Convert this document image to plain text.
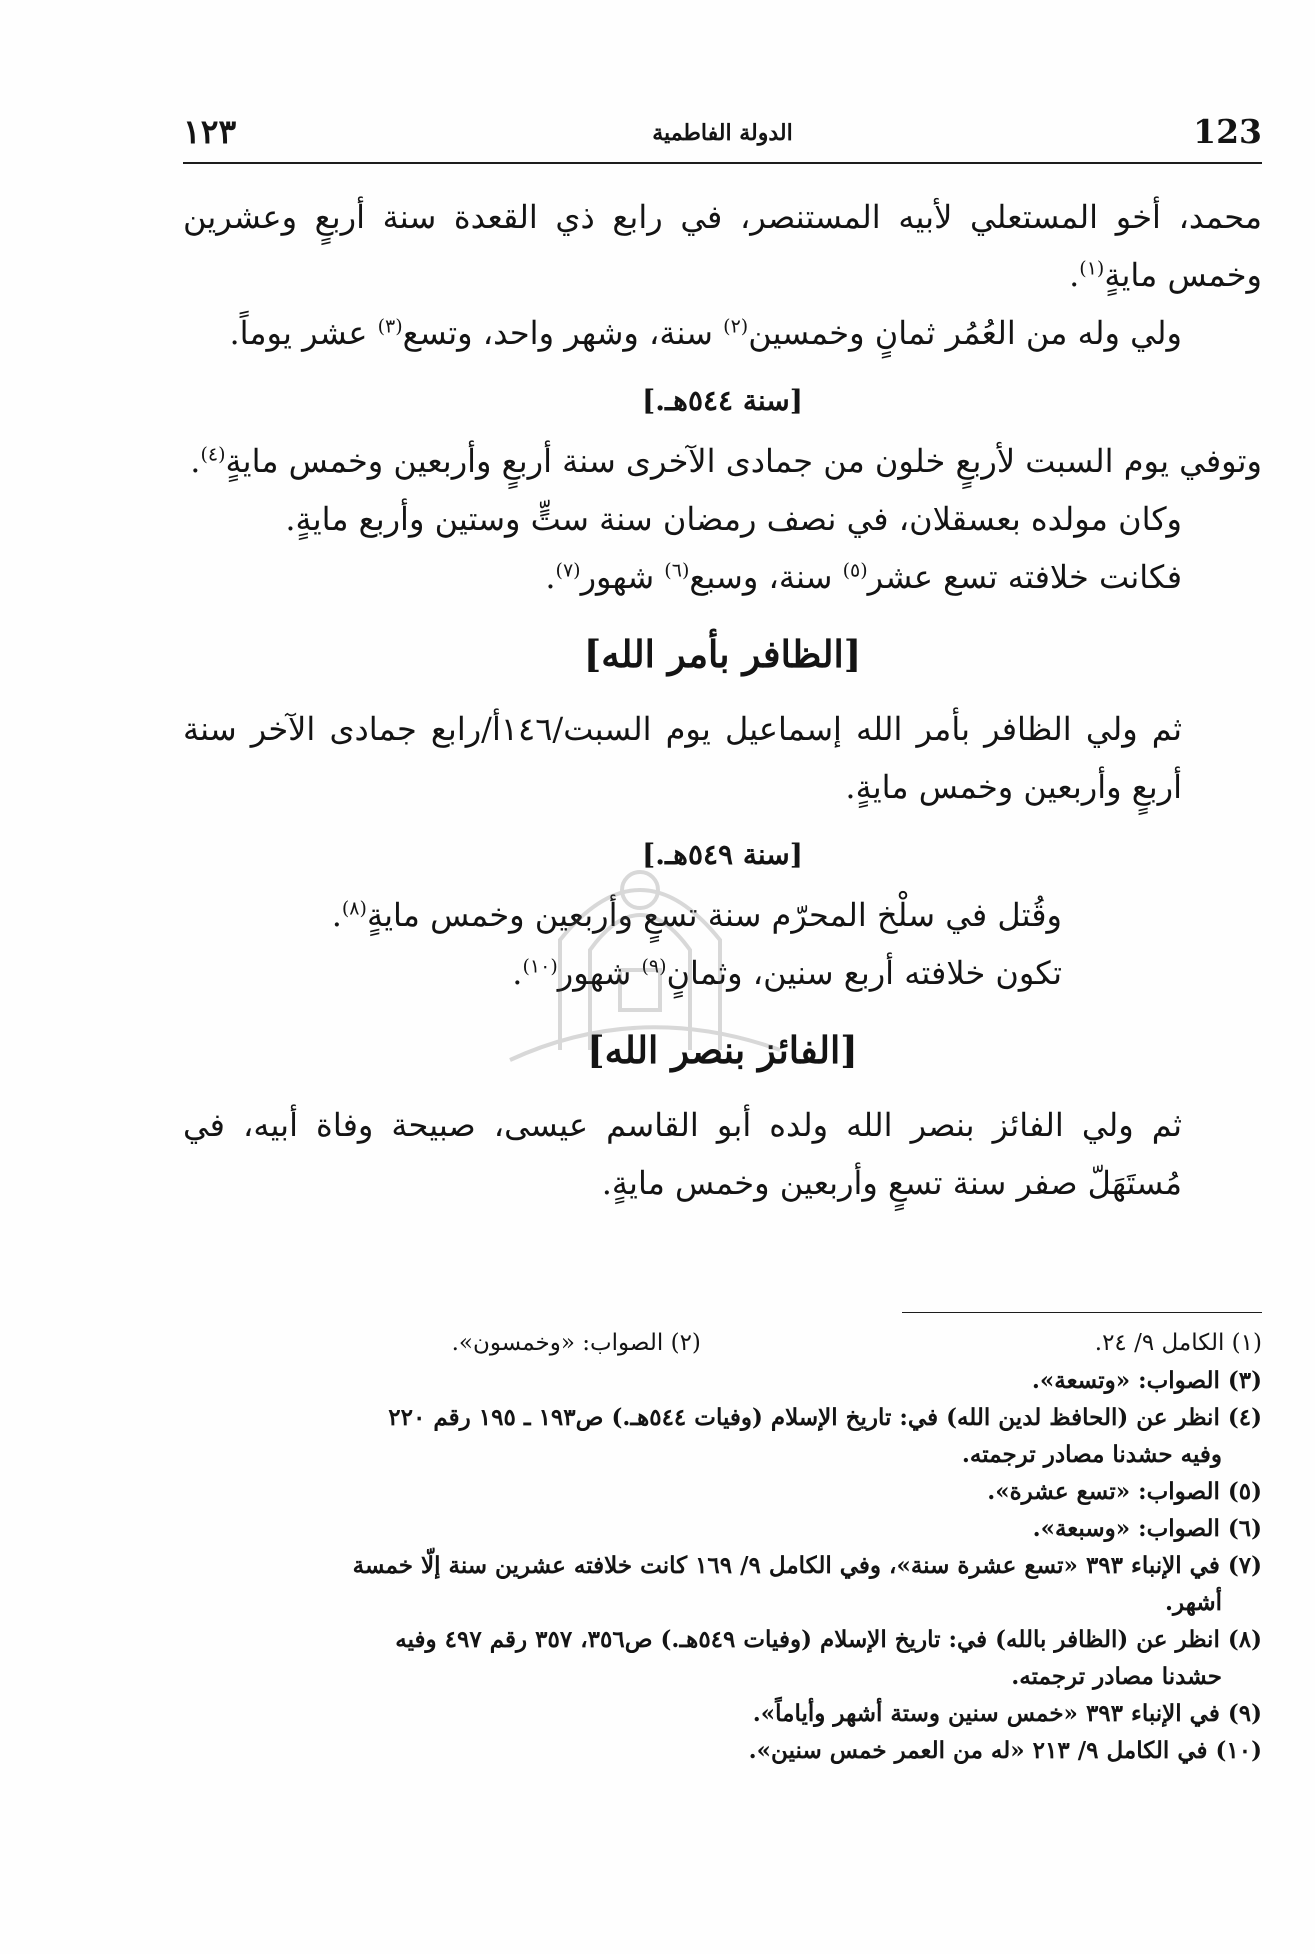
123
الدولة الفاطمية
١٢٣

محمد، أخو المستعلي لأبيه المستنصر، في رابع ذي القعدة سنة أربعٍ وعشرين وخمس مايةٍ$^{(١)}$.

ولي وله من العُمُر ثمانٍ وخمسين$^{(٢)}$ سنة، وشهر واحد، وتسع$^{(٣)}$ عشر يوماً.

[سنة ٥٤٤هـ.]

وتوفي يوم السبت لأربعٍ خلون من جمادى الآخرى سنة أربعٍ وأربعين وخمس مايةٍ$^{(٤)}$.

وكان مولده بعسقلان، في نصف رمضان سنة ستٍّ وستين وأربع مايةٍ.

فكانت خلافته تسع عشر$^{(٥)}$ سنة، وسبع$^{(٦)}$ شهور$^{(٧)}$.

[الظافر بأمر الله]

ثم ولي الظافر بأمر الله إسماعيل يوم السبت/١٤٦أ/رابع جمادى الآخر سنة أربعٍ وأربعين وخمس مايةٍ.

[سنة ٥٤٩هـ.]

وقُتل في سلْخ المحرّم سنة تسعٍ وأربعين وخمس مايةٍ$^{(٨)}$.

تكون خلافته أربع سنين، وثمانٍ$^{(٩)}$ شهور$^{(١٠)}$.

[الفائز بنصر الله]

ثم ولي الفائز بنصر الله ولده أبو القاسم عيسى، صبيحة وفاة أبيه، في مُستَهَلّ صفر سنة تسعٍ وأربعين وخمس مايةٍ.

(١) الكامل ٩/ ٢٤.
(٢) الصواب: «وخمسون».

(٣) الصواب: «وتسعة».

(٤) انظر عن (الحافظ لدين الله) في: تاريخ الإسلام (وفيات ٥٤٤هـ.) ص١٩٣ ـ ١٩٥ رقم ٢٢٠

وفيه حشدنا مصادر ترجمته.

(٥) الصواب: «تسع عشرة».

(٦) الصواب: «وسبعة».

(٧) في الإنباء ٣٩٣ «تسع عشرة سنة»، وفي الكامل ٩/ ١٦٩ كانت خلافته عشرين سنة إلّا خمسة

أشهر.

(٨) انظر عن (الظافر بالله) في: تاريخ الإسلام (وفيات ٥٤٩هـ.) ص٣٥٦، ٣٥٧ رقم ٤٩٧ وفيه

حشدنا مصادر ترجمته.

(٩) في الإنباء ٣٩٣ «خمس سنين وستة أشهر وأياماً».

(١٠) في الكامل ٩/ ٢١٣ «له من العمر خمس سنين».
